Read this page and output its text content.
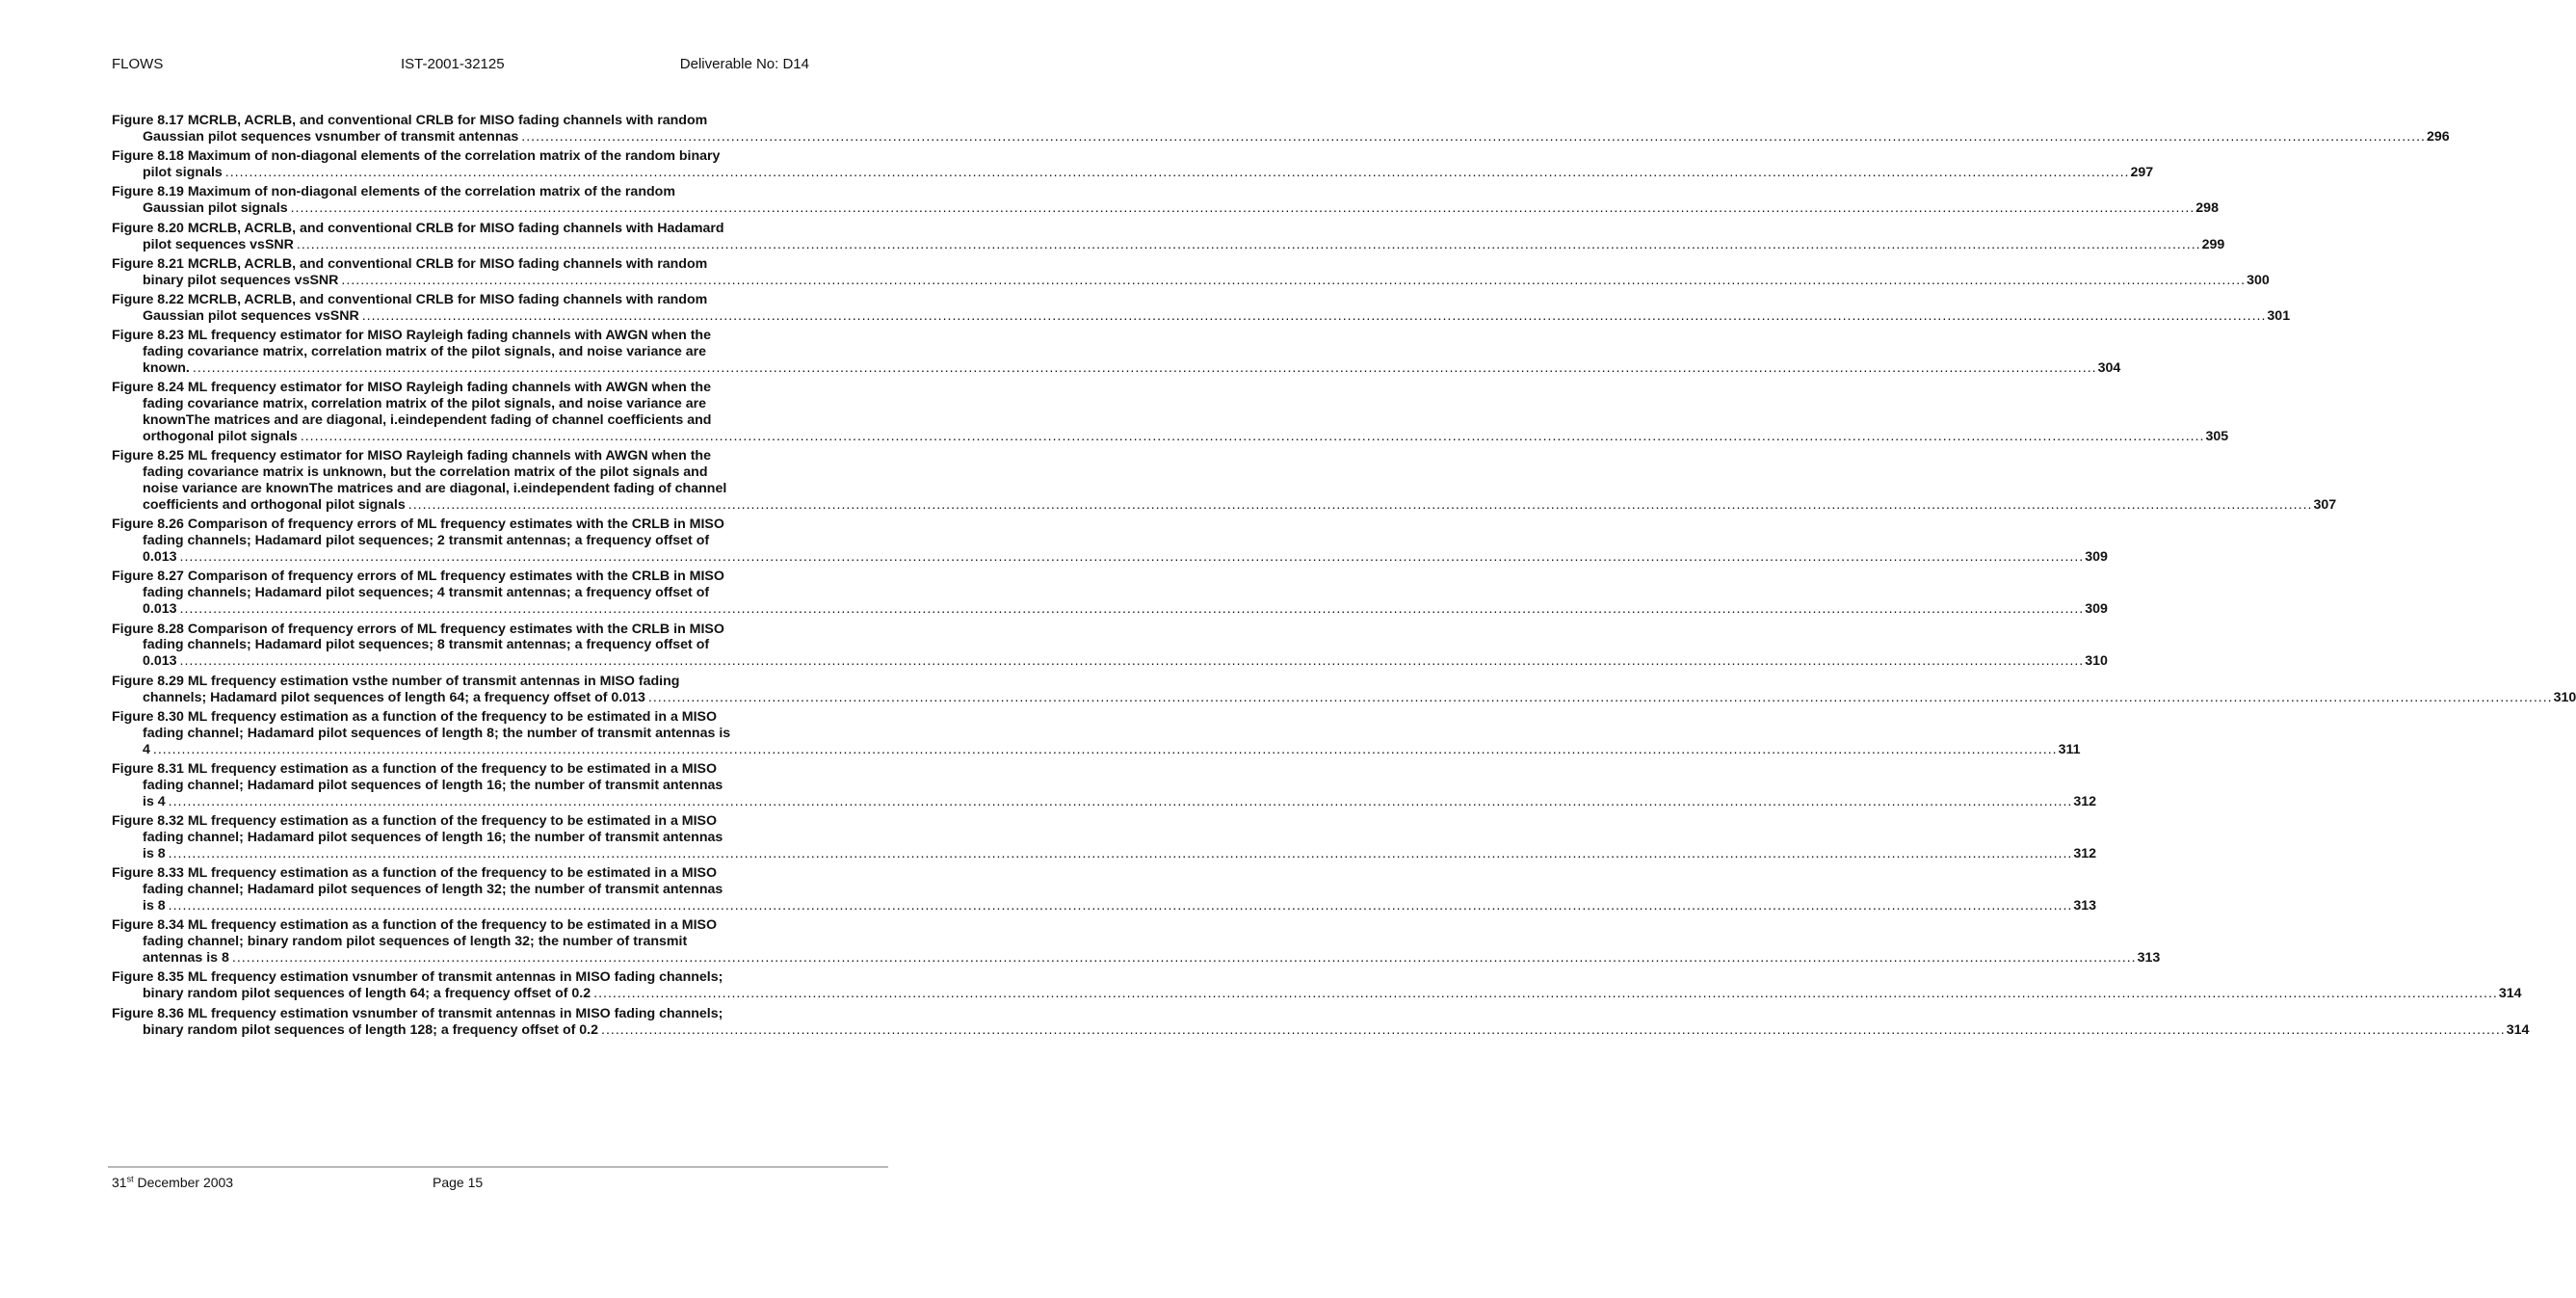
FLOWS	IST-2001-32125	Deliverable No: D14
Figure 8.17 MCRLB, ACRLB, and conventional CRLB for MISO fading channels with random
Gaussian pilot sequences vsnumber of transmit antennas ................................................................................................................................................................................................................................................................................................................................................................................................................ 296
Figure 8.18 Maximum of non-diagonal elements of the correlation matrix of the random binary
pilot signals ................................................................................................................................................................................................................................................................................................................................................................................................................ 297
Figure 8.19 Maximum of non-diagonal elements of the correlation matrix of the random
Gaussian pilot signals ................................................................................................................................................................................................................................................................................................................................................................................................................ 298
Figure 8.20 MCRLB, ACRLB, and conventional CRLB for MISO fading channels with Hadamard
pilot sequences vsSNR ................................................................................................................................................................................................................................................................................................................................................................................................................ 299
Figure 8.21 MCRLB, ACRLB, and conventional CRLB for MISO fading channels with random
binary pilot sequences vsSNR ................................................................................................................................................................................................................................................................................................................................................................................................................ 300
Figure 8.22 MCRLB, ACRLB, and conventional CRLB for MISO fading channels with random
Gaussian pilot sequences vsSNR ................................................................................................................................................................................................................................................................................................................................................................................................................ 301
Figure 8.23 ML frequency estimator for MISO Rayleigh fading channels with AWGN when the
fading covariance matrix, correlation matrix of the pilot signals, and noise variance are
known. ................................................................................................................................................................................................................................................................................................................................................................................................................ 304
Figure 8.24 ML frequency estimator for MISO Rayleigh fading channels with AWGN when the
fading covariance matrix, correlation matrix of the pilot signals, and noise variance are
knownThe matrices and are diagonal, i.eindependent fading of channel coefficients and
orthogonal pilot signals ................................................................................................................................................................................................................................................................................................................................................................................................................ 305
Figure 8.25 ML frequency estimator for MISO Rayleigh fading channels with AWGN when the
fading covariance matrix is unknown, but the correlation matrix of the pilot signals and
noise variance are knownThe matrices and are diagonal, i.eindependent fading of channel
coefficients and orthogonal pilot signals ................................................................................................................................................................................................................................................................................................................................................................................................................ 307
Figure 8.26 Comparison of frequency errors of ML frequency estimates with the CRLB in MISO
fading channels; Hadamard pilot sequences; 2 transmit antennas; a frequency offset of
0.013 ................................................................................................................................................................................................................................................................................................................................................................................................................ 309
Figure 8.27 Comparison of frequency errors of ML frequency estimates with the CRLB in MISO
fading channels; Hadamard pilot sequences; 4 transmit antennas; a frequency offset of
0.013 ................................................................................................................................................................................................................................................................................................................................................................................................................ 309
Figure 8.28 Comparison of frequency errors of ML frequency estimates with the CRLB in MISO
fading channels; Hadamard pilot sequences; 8 transmit antennas; a frequency offset of
0.013 ................................................................................................................................................................................................................................................................................................................................................................................................................ 310
Figure 8.29 ML frequency estimation vsthe number of transmit antennas in MISO fading
channels; Hadamard pilot sequences of length 64; a frequency offset of 0.013 ................................................................................................................................................................................................................................................................................................................................................................................................................ 310
Figure 8.30 ML frequency estimation as a function of the frequency to be estimated in a MISO
fading channel; Hadamard pilot sequences of length 8; the number of transmit antennas is
4 ................................................................................................................................................................................................................................................................................................................................................................................................................ 311
Figure 8.31 ML frequency estimation as a function of the frequency to be estimated in a MISO
fading channel; Hadamard pilot sequences of length 16; the number of transmit antennas
is 4 ................................................................................................................................................................................................................................................................................................................................................................................................................ 312
Figure 8.32 ML frequency estimation as a function of the frequency to be estimated in a MISO
fading channel; Hadamard pilot sequences of length 16; the number of transmit antennas
is 8 ................................................................................................................................................................................................................................................................................................................................................................................................................ 312
Figure 8.33 ML frequency estimation as a function of the frequency to be estimated in a MISO
fading channel; Hadamard pilot sequences of length 32; the number of transmit antennas
is 8 ................................................................................................................................................................................................................................................................................................................................................................................................................ 313
Figure 8.34 ML frequency estimation as a function of the frequency to be estimated in a MISO
fading channel; binary random pilot sequences of length 32; the number of transmit
antennas is 8 ................................................................................................................................................................................................................................................................................................................................................................................................................ 313
Figure 8.35 ML frequency estimation vsnumber of transmit antennas in MISO fading channels;
binary random pilot sequences of length 64; a frequency offset of 0.2 ................................................................................................................................................................................................................................................................................................................................................................................................................ 314
Figure 8.36 ML frequency estimation vsnumber of transmit antennas in MISO fading channels;
binary random pilot sequences of length 128; a frequency offset of 0.2 ................................................................................................................................................................................................................................................................................................................................................................................................................ 314
31st December 2003	Page 15
